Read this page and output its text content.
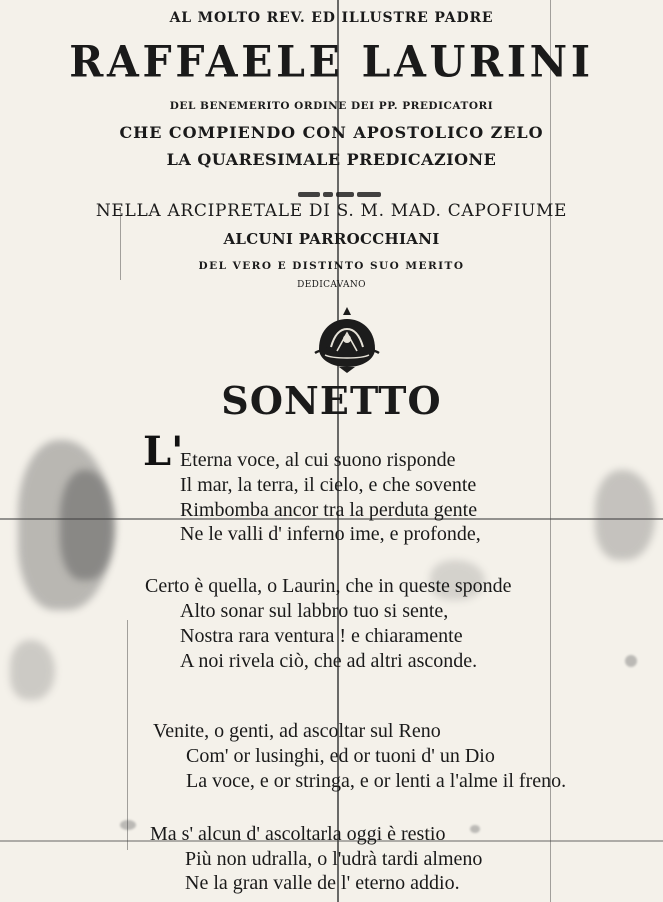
AL MOLTO REV. ED ILLUSTRE PADRE
RAFFAELE LAURINI
DEL BENEMERITO ORDINE DEI PP. PREDICATORI
CHE COMPIENDO CON APOSTOLICO ZELO
LA QUARESIMALE PREDICAZIONE
NELLA ARCIPRETALE DI S. M. MAD. CAPOFIUME
ALCUNI PARROCCHIANI
DEL VERO E DISTINTO SUO MERITO
DEDICAVANO
SONETTO
L'
Eterna voce, al cui suono risponde
Il mar, la terra, il cielo, e che sovente
Rimbomba ancor tra la perduta gente
Ne le valli d' inferno ime, e profonde,
Certo è quella, o Laurin, che in queste sponde
Alto sonar sul labbro tuo si sente,
Nostra rara ventura ! e chiaramente
A noi rivela ciò, che ad altri asconde.
Venite, o genti, ad ascoltar sul Reno
Com' or lusinghi, ed or tuoni d' un Dio
La voce, e or stringa, e or lenti a l'alme il freno.
Ma s' alcun d' ascoltarla oggi è restio
Più non udralla, o l'udrà tardi almeno
Ne la gran valle de l' eterno addio.
